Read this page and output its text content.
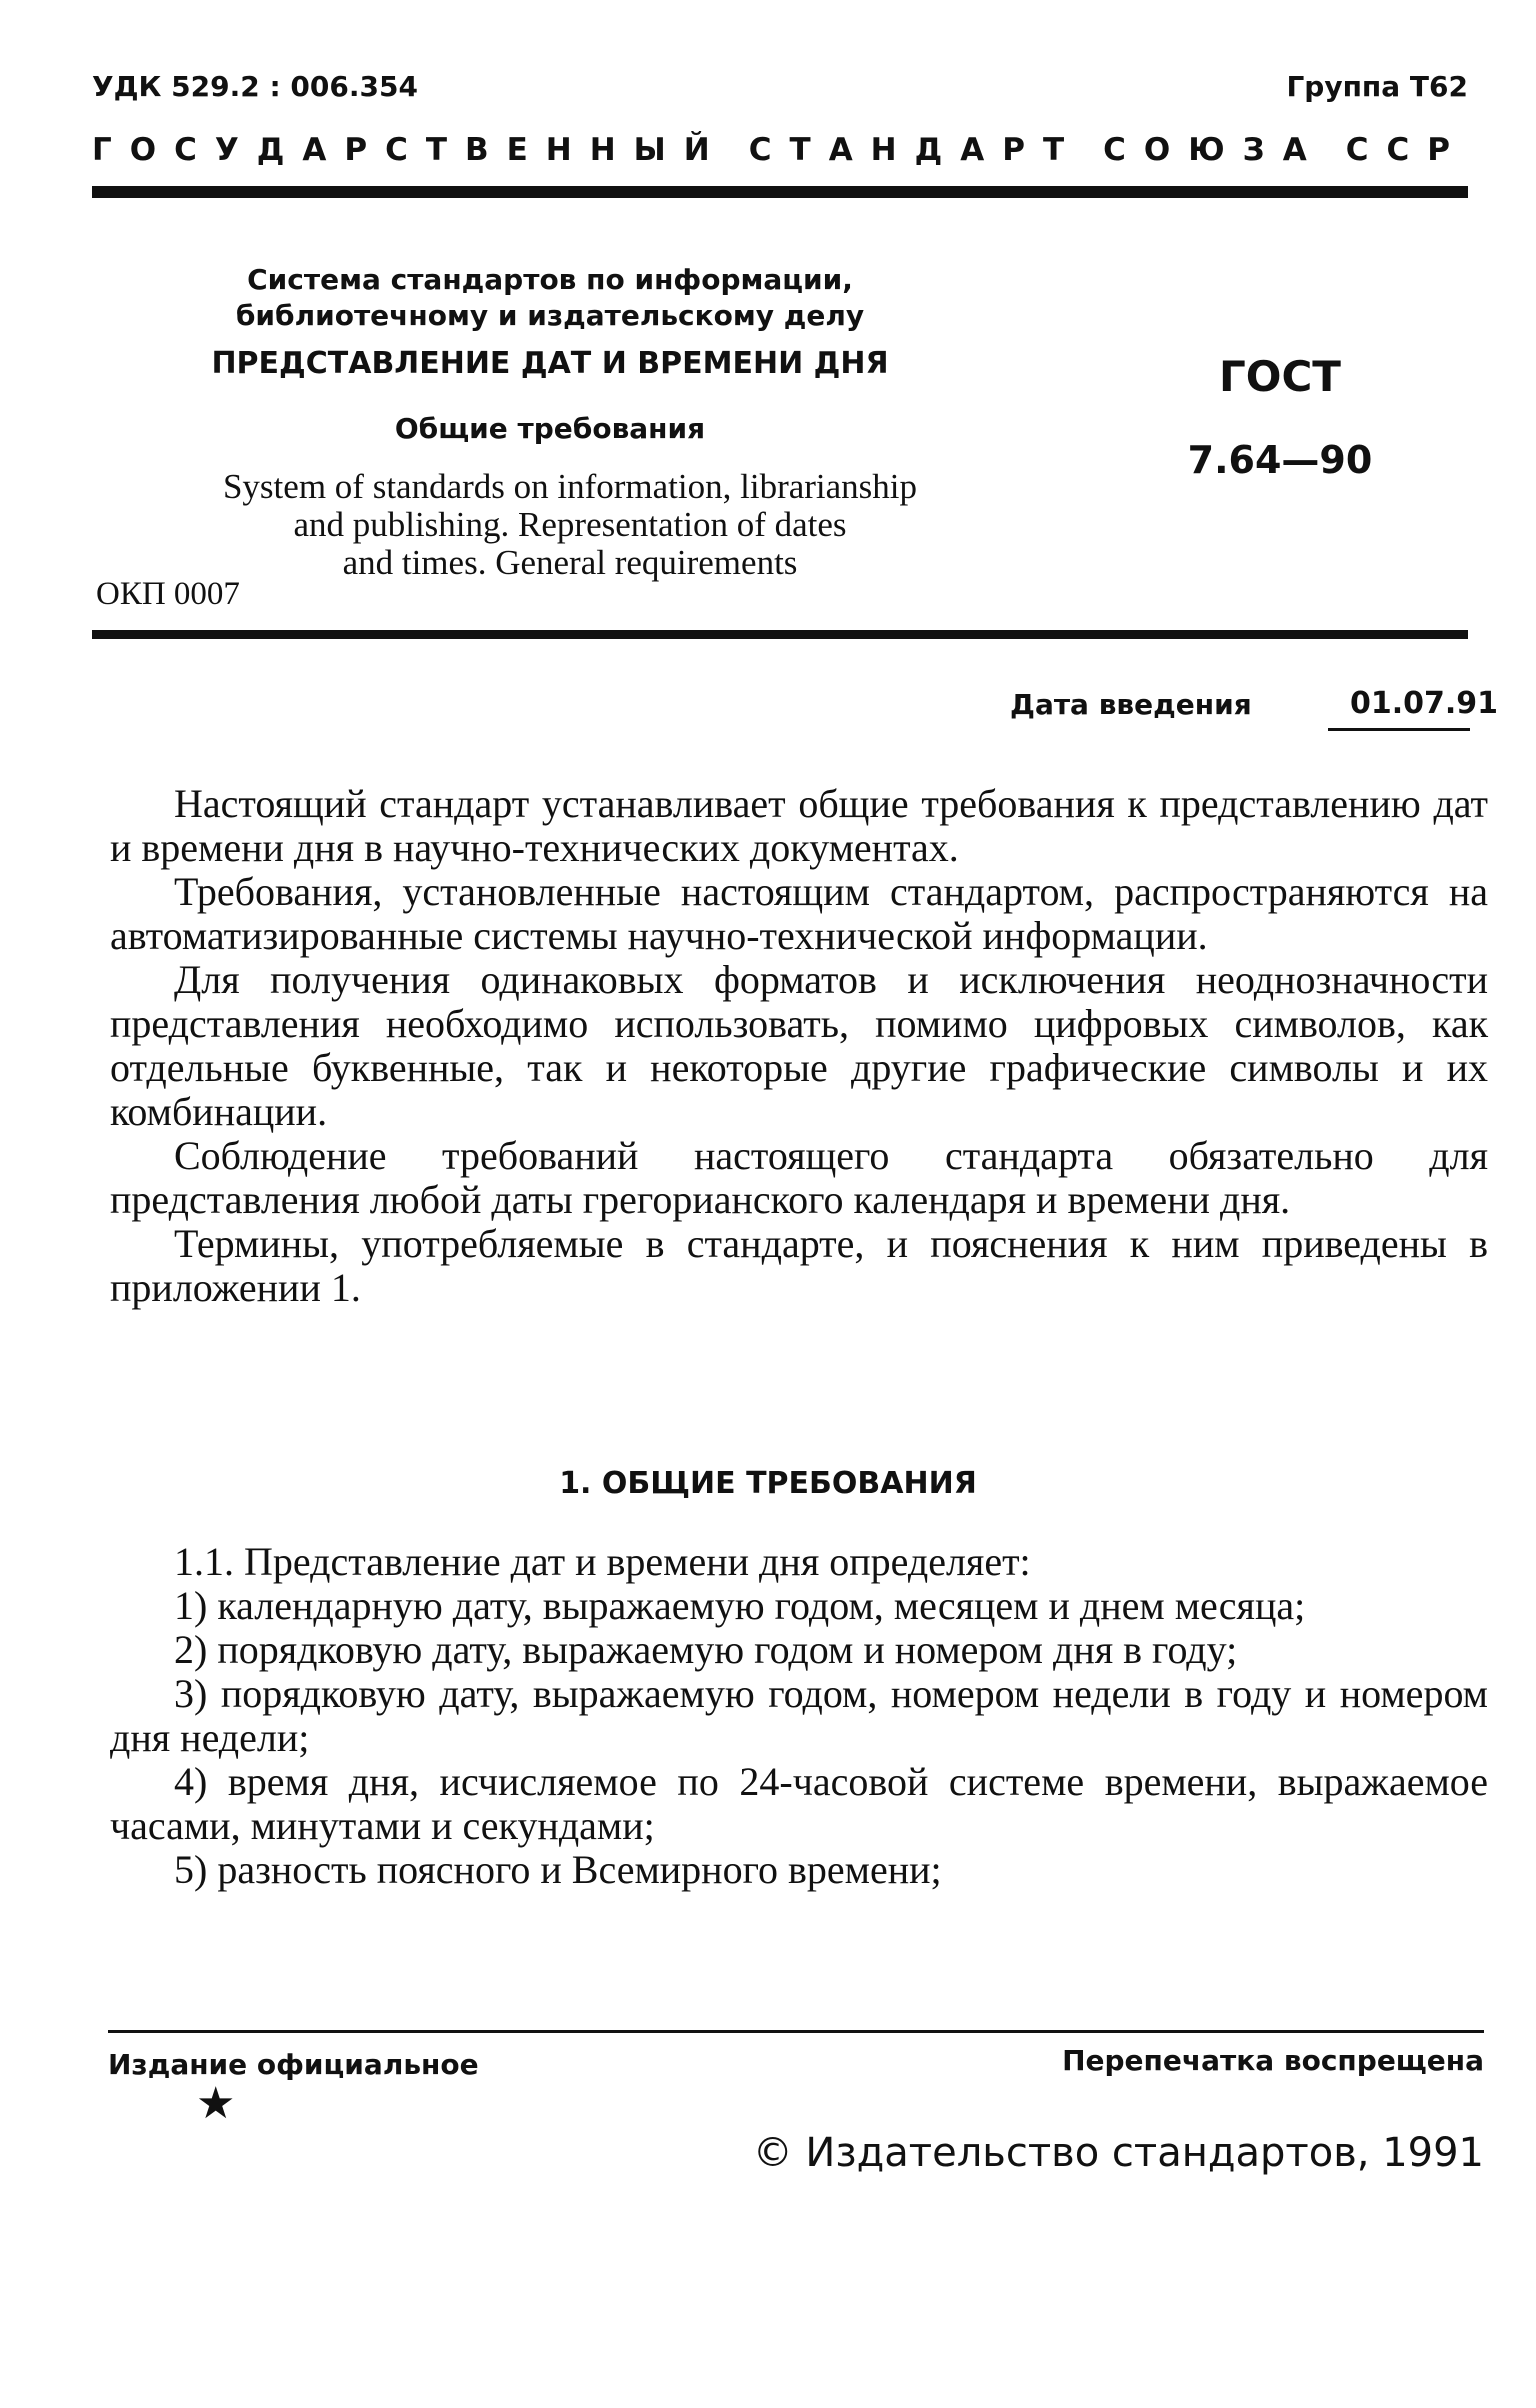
УДК 529.2 : 006.354	Группа Т62
ГОСУДАРСТВЕННЫЙ СТАНДАРТ СОЮЗА ССР
Система стандартов по информации,
библиотечному и издательскому делу
ПРЕДСТАВЛЕНИЕ ДАТ И ВРЕМЕНИ ДНЯ
Общие требования
System of standards on information, librarianship
and publishing. Representation of dates
and times. General requirements
ОКП 0007
ГОСТ
7.64—90
Дата введения	01.07.91

Настоящий стандарт устанавливает общие требования к представлению дат и времени дня в научно-технических документах.

Требования, установленные настоящим стандартом, распространяются на автоматизированные системы научно-технической информации.

Для получения одинаковых форматов и исключения неоднозначности представления необходимо использовать, помимо цифровых символов, как отдельные буквенные, так и некоторые другие графические символы и их комбинации.

Соблюдение требований настоящего стандарта обязательно для представления любой даты грегорианского календаря и времени дня.

Термины, употребляемые в стандарте, и пояснения к ним приведены в приложении 1.

1. ОБЩИЕ ТРЕБОВАНИЯ

1.1. Представление дат и времени дня определяет:

1) календарную дату, выражаемую годом, месяцем и днем месяца;

2) порядковую дату, выражаемую годом и номером дня в году;

3) порядковую дату, выражаемую годом, номером недели в году и номером дня недели;

4) время дня, исчисляемое по 24-часовой системе времени, выражаемое часами, минутами и секундами;

5) разность поясного и Всемирного времени;

Издание официальное	Перепечатка воспрещена
★
© Издательство стандартов, 1991
